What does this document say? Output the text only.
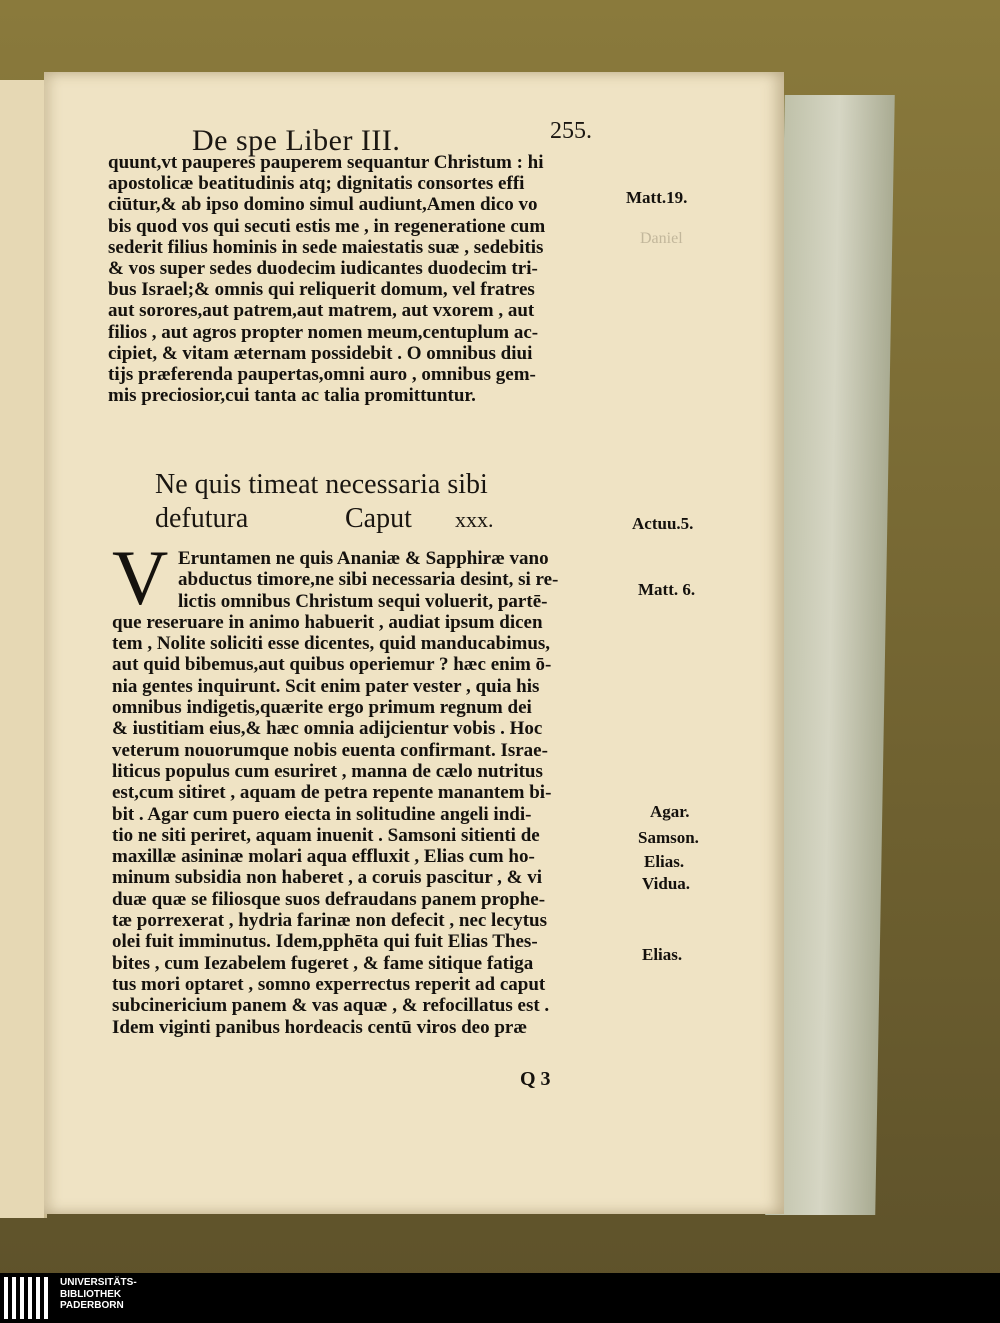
Daniel
De spe Liber III.	255.
quunt,vt pauperes pauperem sequantur Christum : hi
apostolicæ beatitudinis atq; dignitatis consortes effi
ciūtur,& ab ipso domino simul audiunt,Amen dico vo
bis quod vos qui secuti estis me , in regeneratione cum
sederit filius hominis in sede maiestatis suæ , sedebitis
& vos super sedes duodecim iudicantes duodecim tri-
bus Israel;& omnis qui reliquerit domum, vel fratres
aut sorores,aut patrem,aut matrem, aut vxorem , aut
filios , aut agros propter nomen meum,centuplum ac-
cipiet, & vitam æternam possidebit . O omnibus diui
tijs præferenda paupertas,omni auro , omnibus gem-
mis preciosior,cui tanta ac talia promittuntur.
Ne quis timeat necessaria sibi
defutura	Caput xxx.
V Eruntamen ne quis Ananiæ & Sapphiræ vano
abductus timore,ne sibi necessaria desint, si re-
lictis omnibus Christum sequi voluerit, partē-
que reseruare in animo habuerit , audiat ipsum dicen
tem , Nolite soliciti esse dicentes, quid manducabimus,
aut quid bibemus,aut quibus operiemur ? hæc enim ō-
nia gentes inquirunt. Scit enim pater vester , quia his
omnibus indigetis,quærite ergo primum regnum dei
& iustitiam eius,& hæc omnia adijcientur vobis . Hoc
veterum nouorumque nobis euenta confirmant. Israe-
liticus populus cum esuriret , manna de cælo nutritus
est,cum sitiret , aquam de petra repente manantem bi-
bit . Agar cum puero eiecta in solitudine angeli indi-
tio ne siti periret, aquam inuenit . Samsoni sitienti de
maxillæ asininæ molari aqua effluxit , Elias cum ho-
minum subsidia non haberet , a coruis pascitur , & vi
duæ quæ se filiosque suos defraudans panem prophe-
tæ porrexerat , hydria farinæ non defecit , nec lecytus
olei fuit imminutus. Idem,pphēta qui fuit Elias Thes-
bites , cum Iezabelem fugeret , & fame sitique fatiga
tus mori optaret , somno experrectus reperit ad caput
subcinericium panem & vas aquæ , & refocillatus est .
Idem viginti panibus hordeacis centū viros deo præ
Matt.19.
Actuu.5.
Matt. 6.
Agar.
Samson.
Elias.
Vidua.
Elias.
Q 3
UNIVERSITÄTS-
BIBLIOTHEK
PADERBORN
